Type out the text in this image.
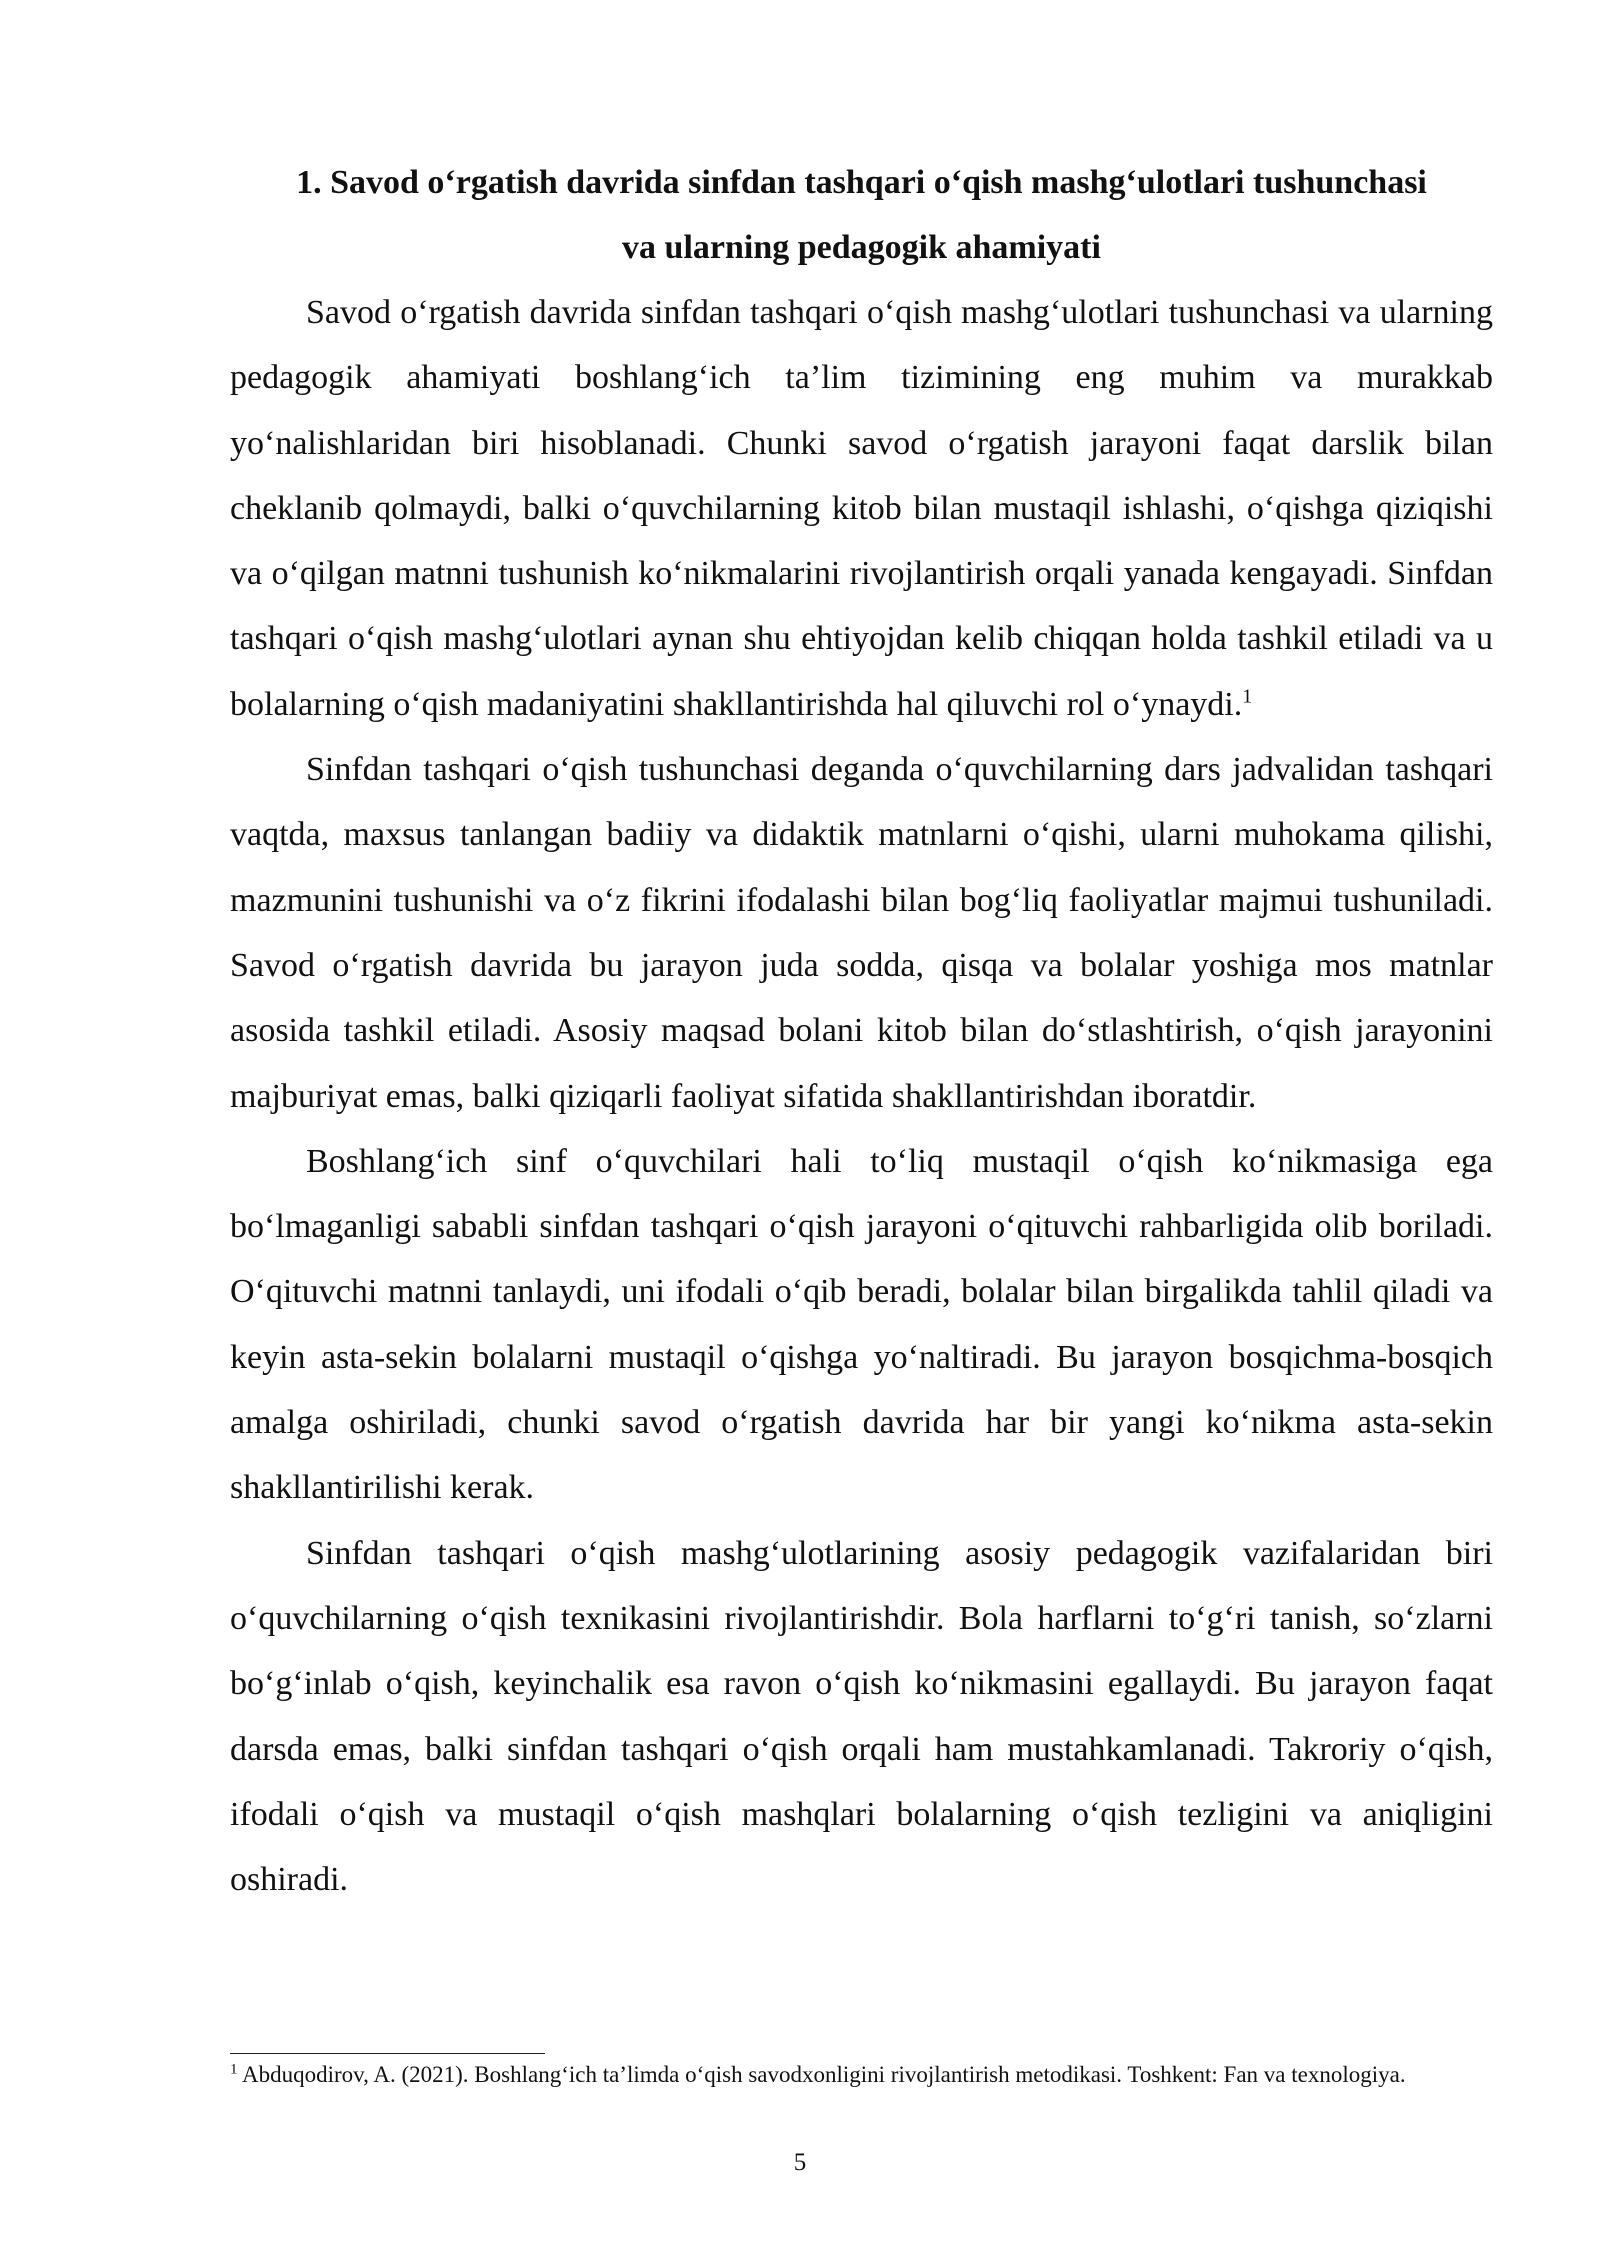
1. Savod o‘rgatish davrida sinfdan tashqari o‘qish mashg‘ulotlari tushunchasi
va ularning pedagogik ahamiyati

Savod o‘rgatish davrida sinfdan tashqari o‘qish mashg‘ulotlari tushunchasi va ularning pedagogik ahamiyati boshlang‘ich ta’lim tizimining eng muhim va murakkab yo‘nalishlaridan biri hisoblanadi. Chunki savod o‘rgatish jarayoni faqat darslik bilan cheklanib qolmaydi, balki o‘quvchilarning kitob bilan mustaqil ishlashi, o‘qishga qiziqishi va o‘qilgan matnni tushunish ko‘nikmalarini rivojlantirish orqali yanada kengayadi. Sinfdan tashqari o‘qish mashg‘ulotlari aynan shu ehtiyojdan kelib chiqqan holda tashkil etiladi va u bolalarning o‘qish madaniyatini shakllantirishda hal qiluvchi rol o‘ynaydi.$^1$

Sinfdan tashqari o‘qish tushunchasi deganda o‘quvchilarning dars jadvalidan tashqari vaqtda, maxsus tanlangan badiiy va didaktik matnlarni o‘qishi, ularni muhokama qilishi, mazmunini tushunishi va o‘z fikrini ifodalashi bilan bog‘liq faoliyatlar majmui tushuniladi. Savod o‘rgatish davrida bu jarayon juda sodda, qisqa va bolalar yoshiga mos matnlar asosida tashkil etiladi. Asosiy maqsad bolani kitob bilan do‘stlashtirish, o‘qish jarayonini majburiyat emas, balki qiziqarli faoliyat sifatida shakllantirishdan iboratdir.

Boshlang‘ich sinf o‘quvchilari hali to‘liq mustaqil o‘qish ko‘nikmasiga ega bo‘lmaganligi sababli sinfdan tashqari o‘qish jarayoni o‘qituvchi rahbarligida olib boriladi. O‘qituvchi matnni tanlaydi, uni ifodali o‘qib beradi, bolalar bilan birgalikda tahlil qiladi va keyin asta-sekin bolalarni mustaqil o‘qishga yo‘naltiradi. Bu jarayon bosqichma-bosqich amalga oshiriladi, chunki savod o‘rgatish davrida har bir yangi ko‘nikma asta-sekin shakllantirilishi kerak.

Sinfdan tashqari o‘qish mashg‘ulotlarining asosiy pedagogik vazifalaridan biri o‘quvchilarning o‘qish texnikasini rivojlantirishdir. Bola harflarni to‘g‘ri tanish, so‘zlarni bo‘g‘inlab o‘qish, keyinchalik esa ravon o‘qish ko‘nikmasini egallaydi. Bu jarayon faqat darsda emas, balki sinfdan tashqari o‘qish orqali ham mustahkamlanadi. Takroriy o‘qish, ifodali o‘qish va mustaqil o‘qish mashqlari bolalarning o‘qish tezligini va aniqligini oshiradi.

$^1$ Abduqodirov, A. (2021). Boshlang‘ich ta’limda o‘qish savodxonligini rivojlantirish metodikasi. Toshkent: Fan va texnologiya.

5
